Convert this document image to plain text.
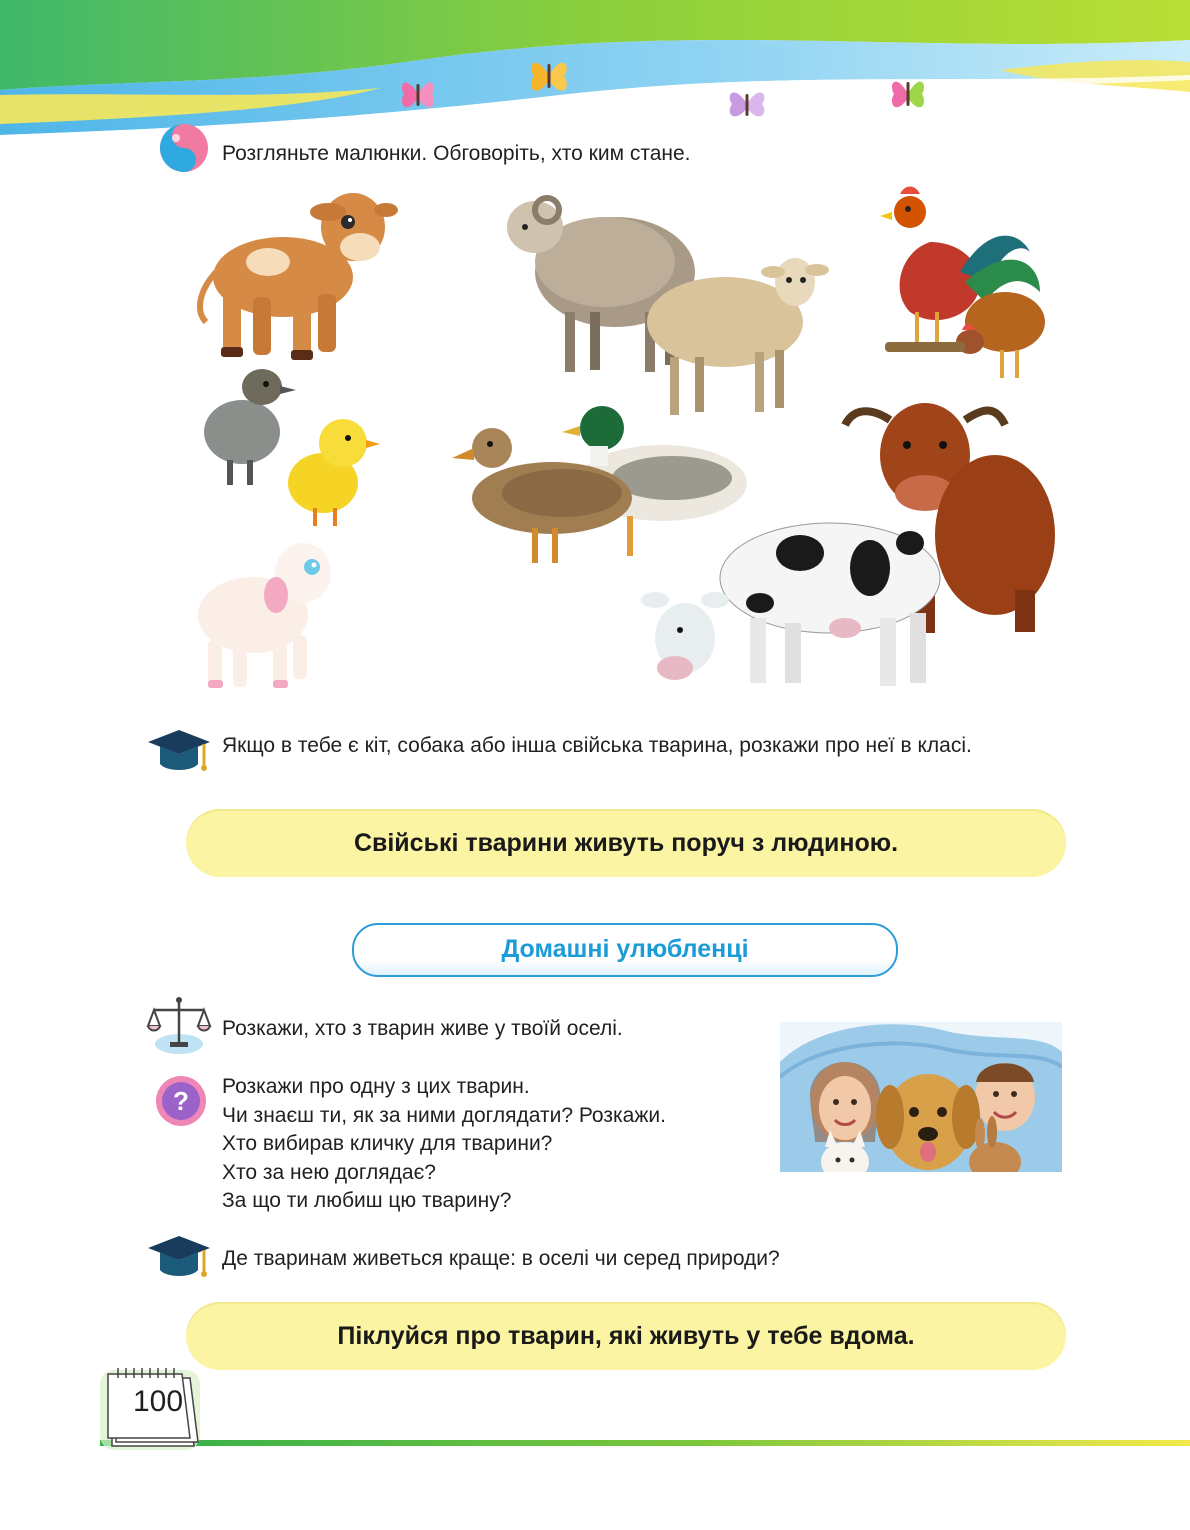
Розгляньте малюнки. Обговоріть, хто ким стане.
Якщо в тебе є кіт, собака або інша свійська тварина, розкажи про неї в класі.
Свійські тварини живуть поруч з людиною.
Домашні улюбленці
Розкажи, хто з тварин живе у твоїй оселі.
? Розкажи про одну з цих тварин.
Чи знаєш ти, як за ними доглядати? Розкажи.
Хто вибирав кличку для тварини?
Хто за нею доглядає?
За що ти любиш цю тварину?
Де тваринам живеться краще: в оселі чи серед природи?
Піклуйся про тварин, які живуть у тебе вдома.
100
